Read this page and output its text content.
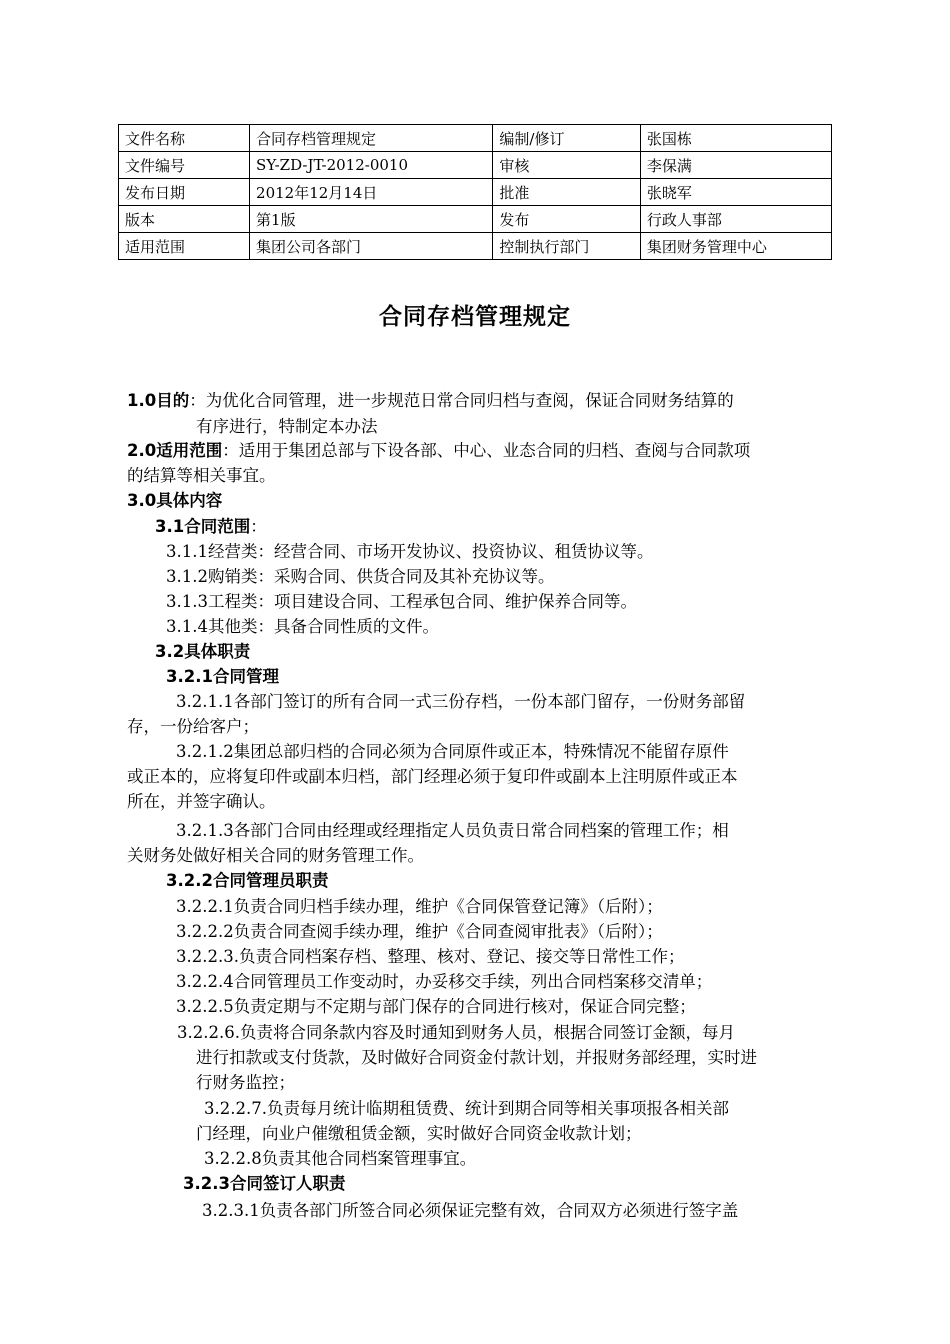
文件名称	合同存档管理规定	编制/修订	张国栋
文件编号	SY-ZD-JT-2012-0010	审核	李保满
发布日期	2012年12月14日	批准	张晓军
版本	第1版	发布	行政人事部
适用范围	集团公司各部门	控制执行部门	集团财务管理中心
合同存档管理规定
1.0目的：为优化合同管理，进一步规范日常合同归档与查阅，保证合同财务结算的
有序进行，特制定本办法
2.0适用范围：适用于集团总部与下设各部、中心、业态合同的归档、查阅与合同款项
的结算等相关事宜。
3.0具体内容
3.1合同范围：
3.1.1经营类：经营合同、市场开发协议、投资协议、租赁协议等。
3.1.2购销类：采购合同、供货合同及其补充协议等。
3.1.3工程类：项目建设合同、工程承包合同、维护保养合同等。
3.1.4其他类：具备合同性质的文件。
3.2具体职责
3.2.1合同管理
3.2.1.1各部门签订的所有合同一式三份存档，一份本部门留存，一份财务部留
存，一份给客户；
3.2.1.2集团总部归档的合同必须为合同原件或正本，特殊情况不能留存原件
或正本的，应将复印件或副本归档，部门经理必须于复印件或副本上注明原件或正本
所在，并签字确认。
3.2.1.3各部门合同由经理或经理指定人员负责日常合同档案的管理工作；相
关财务处做好相关合同的财务管理工作。
3.2.2合同管理员职责
3.2.2.1负责合同归档手续办理，维护《合同保管登记簿》（后附）；
3.2.2.2负责合同查阅手续办理，维护《合同查阅审批表》（后附）；
3.2.2.3.负责合同档案存档、整理、核对、登记、接交等日常性工作；
3.2.2.4合同管理员工作变动时，办妥移交手续，列出合同档案移交清单；
3.2.2.5负责定期与不定期与部门保存的合同进行核对，保证合同完整；
3.2.2.6.负责将合同条款内容及时通知到财务人员，根据合同签订金额，每月
进行扣款或支付货款，及时做好合同资金付款计划，并报财务部经理，实时进
行财务监控；
3.2.2.7.负责每月统计临期租赁费、统计到期合同等相关事项报各相关部
门经理，向业户催缴租赁金额，实时做好合同资金收款计划；
3.2.2.8负责其他合同档案管理事宜。
3.2.3合同签订人职责
3.2.3.1负责各部门所签合同必须保证完整有效，合同双方必须进行签字盖
